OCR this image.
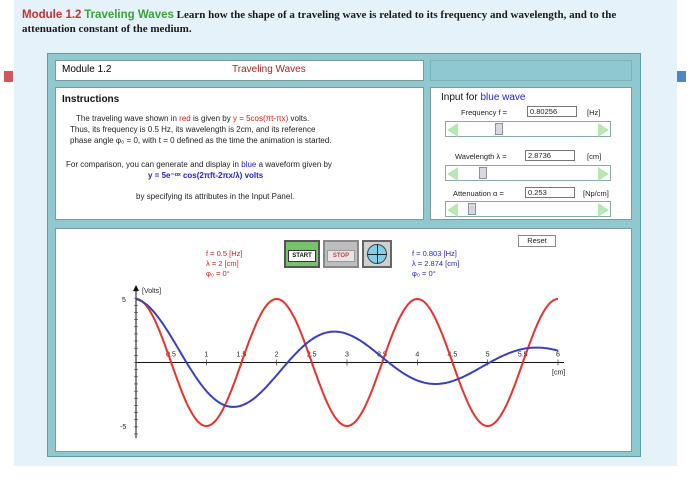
Module 1.2 Traveling Waves Learn how the shape of a traveling wave is related to its frequency and wavelength, and to the attenuation constant of the medium.
Module 1.2	Traveling Waves
Instructions
The traveling wave shown in red is given by y = 5cos(πt-πx) volts.
Thus, its frequency is 0.5 Hz, its wavelength is 2cm, and its reference
phase angle φ₀ = 0, with t = 0 defined as the time the animation is started.
For comparison, you can generate and display in blue a waveform given by
y = 5e⁻ᵅˣ cos(2πft-2πx/λ) volts
by specifying its attributes in the Input Panel.
Input for blue wave
Frequency f =	0.80256	[Hz]
Wavelength λ =	2.8736	[cm]
Attenuation α =	0.253	[Np/cm]
5
-5
[Volts]
0.5	1	1.5	2	2.5	3	3.5	4	4.5	5	5.5	6
[cm]
Reset
f = 0.5 [Hz]
λ = 2 [cm]
φ₀ = 0°
START	STOP	f = 0.803 [Hz]
λ = 2.874 [cm]
φ₀ = 0°
